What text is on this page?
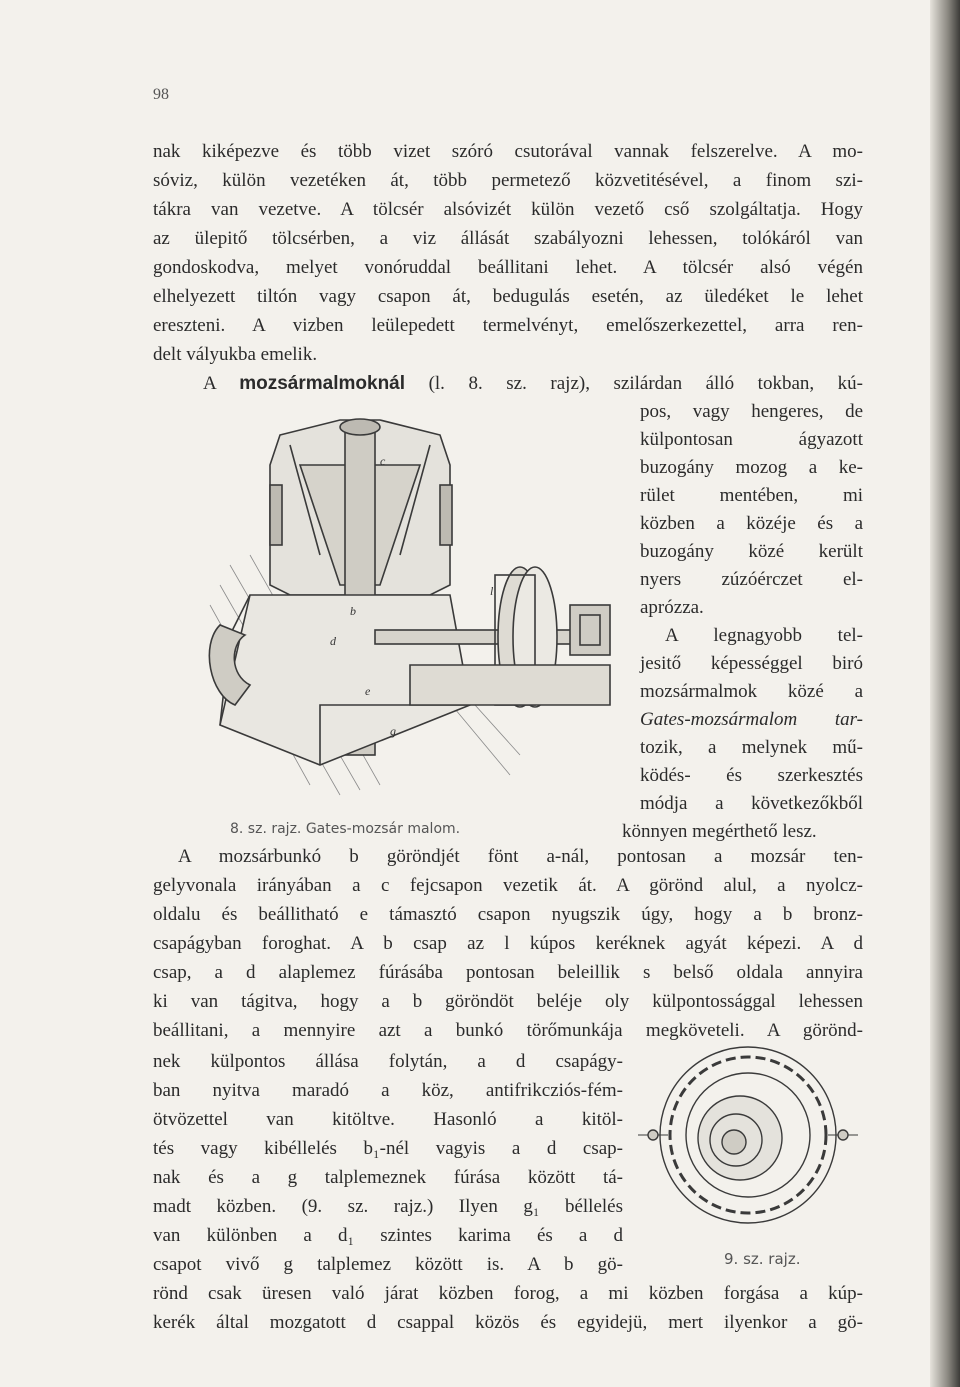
98
nak kiképezve és több vizet szóró csutorával vannak felszerelve. A mo-
sóviz, külön vezetéken át, több permetező közvetitésével, a finom szi-
tákra van vezetve. A tölcsér alsóvizét külön vezető cső szolgáltatja. Hogy
az ülepitő tölcsérben, a viz állását szabályozni lehessen, tolókáról van
gondoskodva, melyet vonóruddal beállitani lehet. A tölcsér alsó végén
elhelyezett tiltón vagy csapon át, bedugulás esetén, az üledéket le lehet
ereszteni. A vizben leülepedett termelvényt, emelőszerkezettel, arra ren-
delt vályukba emelik.
A mozsármalmoknál (l. 8. sz. rajz), szilárdan álló tokban, kú-
pos, vagy hengeres, de
külpontosan ágyazott
buzogány mozog a ke-
rület mentében, mi
közben a közéje és a
buzogány közé került
nyers zúzóérczet el-
aprózza.
A legnagyobb tel-
jesitő képességgel biró
mozsármalmok közé a
Gates-mozsármalom tar-
tozik, a melynek mű-
ködés- és szerkesztés
módja a következőkből
könnyen megérthető lesz.
c
l
b
d
e
g
8. sz. rajz. Gates-mozsár malom.
A mozsárbunkó b göröndjét fönt a-nál, pontosan a mozsár ten-
gelyvonala irányában a c fejcsapon vezetik át. A görönd alul, a nyolcz-
oldalu és beállitható e támasztó csapon nyugszik úgy, hogy a b bronz-
csapágyban foroghat. A b csap az l kúpos keréknek agyát képezi. A d
csap, a d alaplemez fúrásába pontosan beleillik s belső oldala annyira
ki van tágitva, hogy a b göröndöt beléje oly külpontossággal lehessen
beállitani, a mennyire azt a bunkó törőmunkája megköveteli. A görönd-
nek külpontos állása folytán, a d csapágy-
ban nyitva maradó a köz, antifrikcziós-fém-
ötvözettel van kitöltve. Hasonló a kitöl-
tés vagy kibéllelés b₁-nél vagyis a d csap-
nak és a g talplemeznek fúrása között tá-
madt közben. (9. sz. rajz.) Ilyen g₁ béllelés
van különben a d₁ szintes karima és a d
csapot vivő g talplemez között is. A b gö-	9. sz. rajz.
rönd csak üresen való járat közben forog, a mi közben forgása a kúp-
kerék által mozgatott d csappal közös és egyidejü, mert ilyenkor a gö-
